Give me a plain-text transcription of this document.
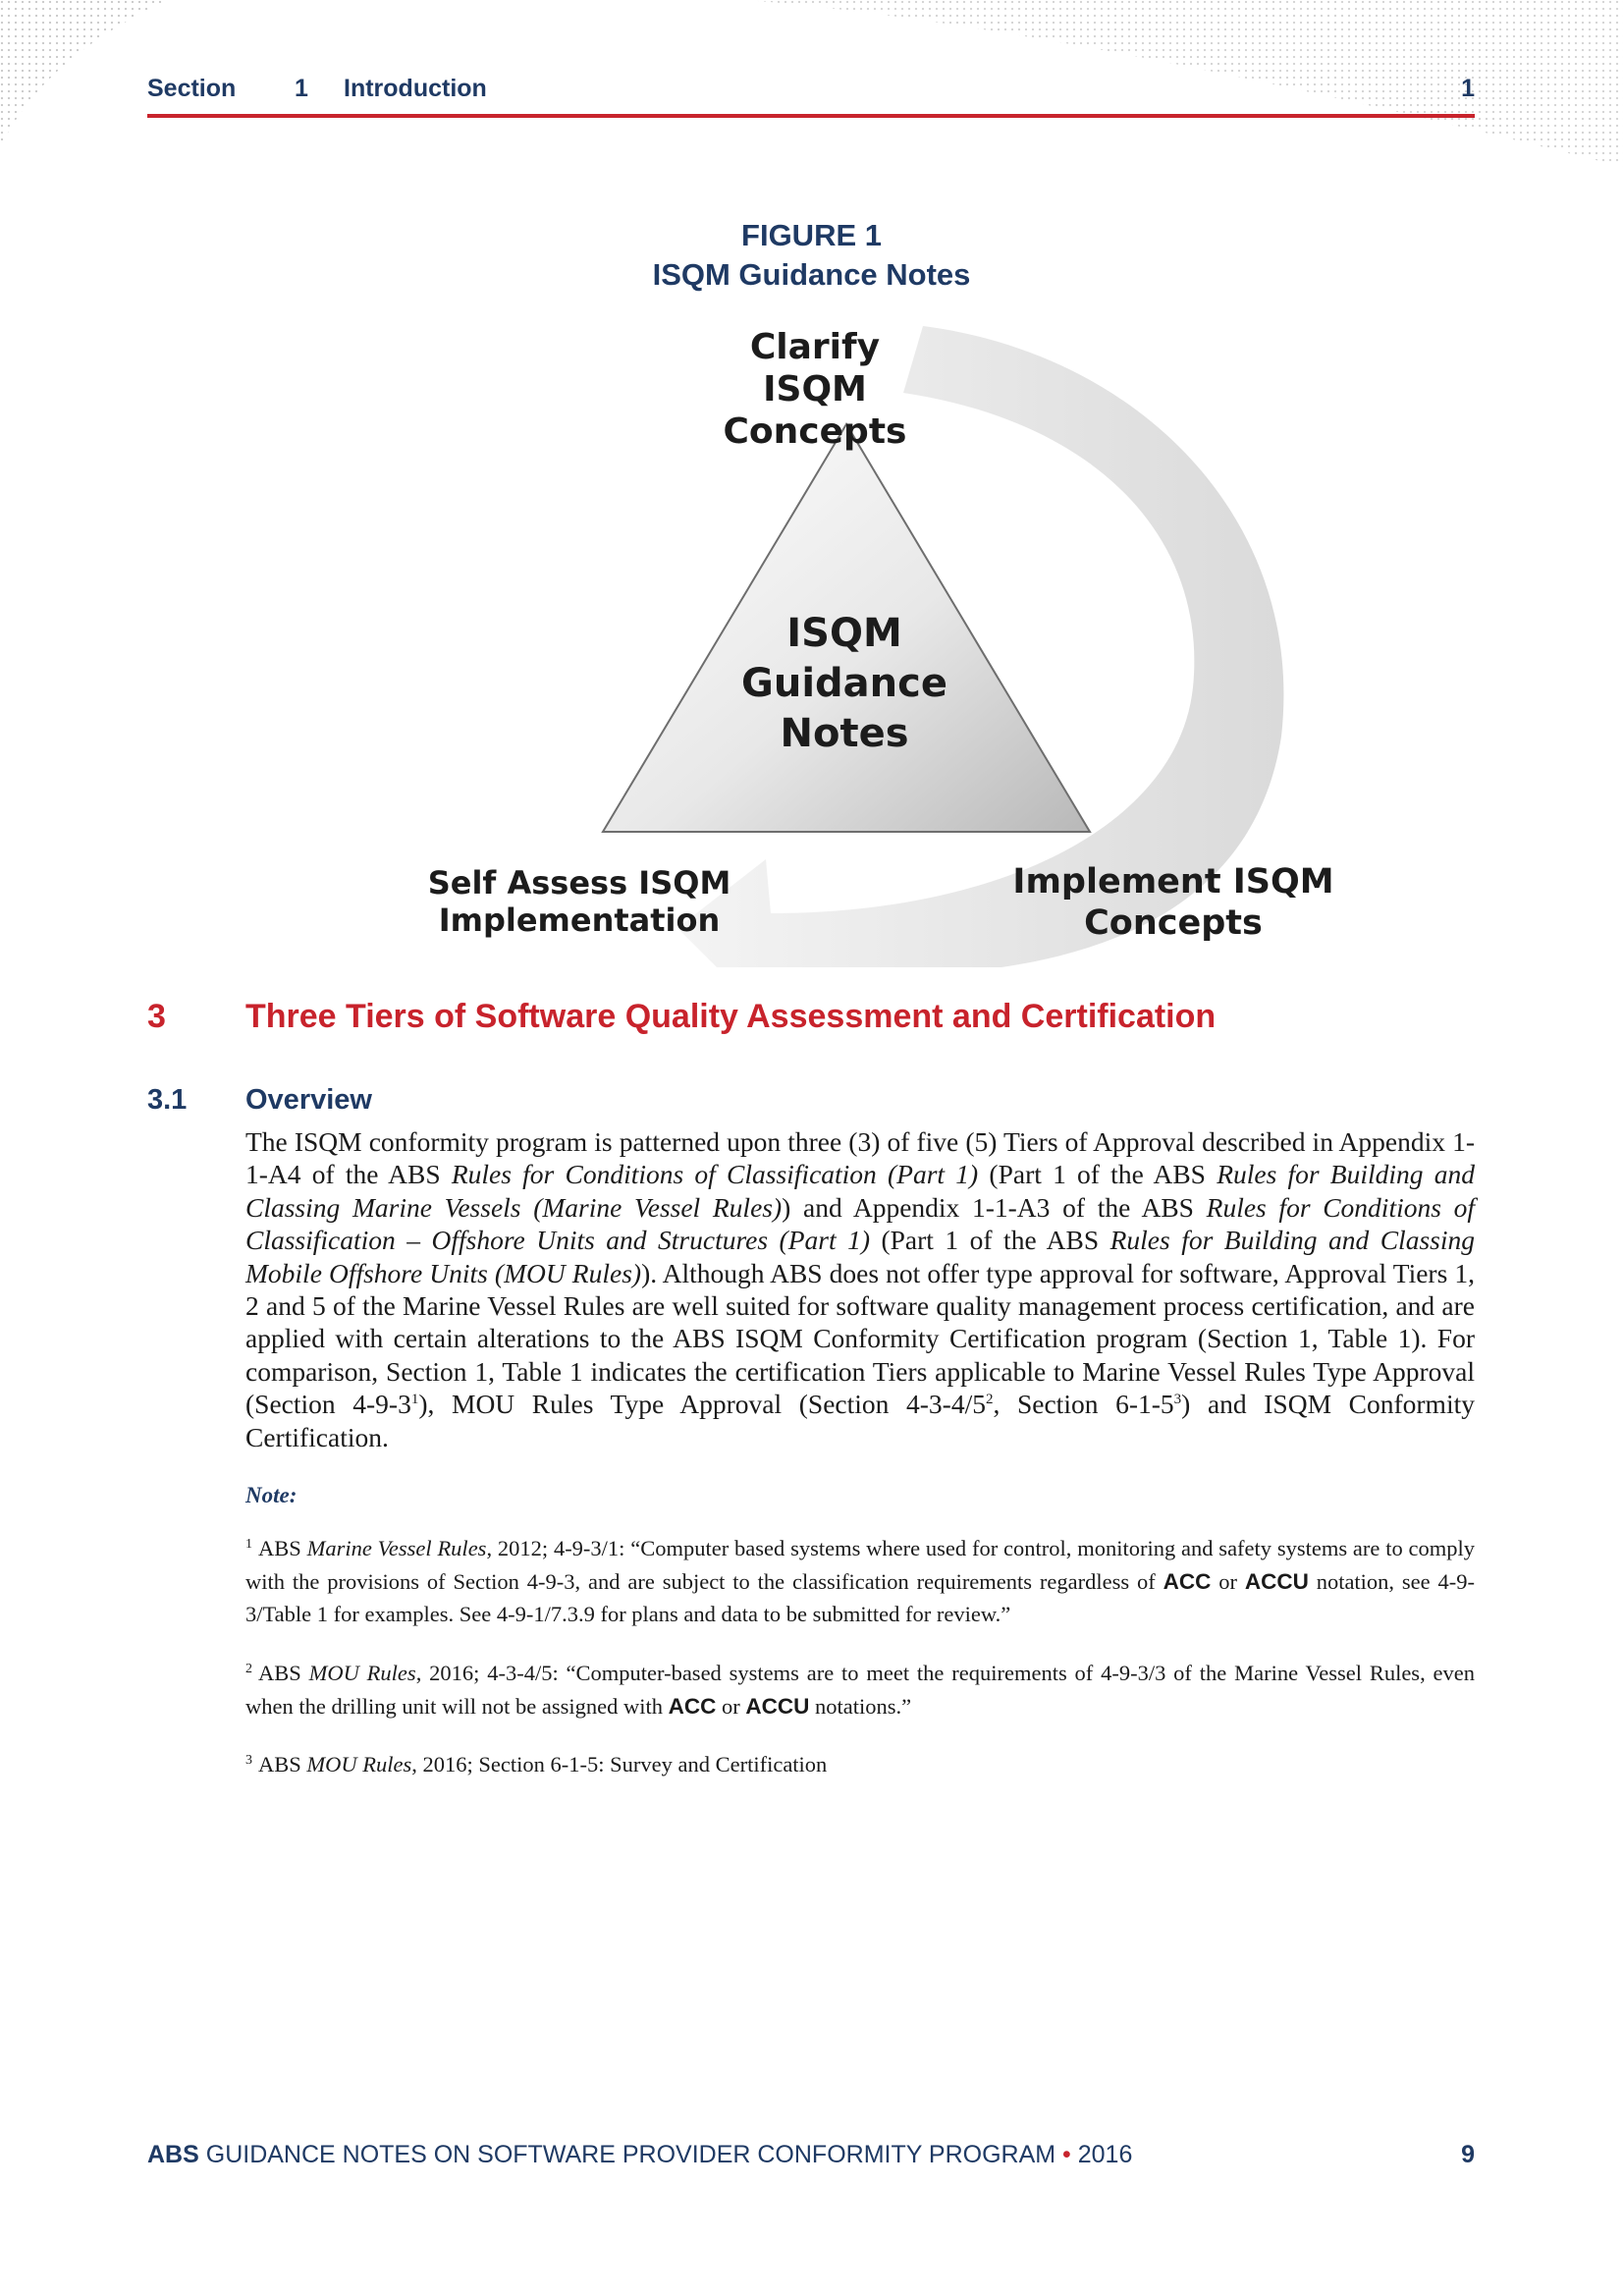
Section 1 Introduction	1
FIGURE 1
ISQM Guidance Notes
Clarify ISQM
Concepts
ISQM
Guidance
Notes
Self Assess ISQM
Implementation
Implement ISQM
Concepts
3 Three Tiers of Software Quality Assessment and Certification
3.1 Overview
The ISQM conformity program is patterned upon three (3) of five (5) Tiers of Approval described in Appendix 1-1-A4 of the ABS Rules for Conditions of Classification (Part 1) (Part 1 of the ABS Rules for Building and Classing Marine Vessels (Marine Vessel Rules)) and Appendix 1-1-A3 of the ABS Rules for Conditions of Classification – Offshore Units and Structures (Part 1) (Part 1 of the ABS Rules for Building and Classing Mobile Offshore Units (MOU Rules)). Although ABS does not offer type approval for software, Approval Tiers 1, 2 and 5 of the Marine Vessel Rules are well suited for software quality management process certification, and are applied with certain alterations to the ABS ISQM Conformity Certification program (Section 1, Table 1). For comparison, Section 1, Table 1 indicates the certification Tiers applicable to Marine Vessel Rules Type Approval (Section $4-9-3^1$), MOU Rules Type Approval (Section $4-3-4/5^2$, Section $6-1-5^3$) and ISQM Conformity Certification.
Note:
$^1$ ABS Marine Vessel Rules, 2012; 4-9-3/1: “Computer based systems where used for control, monitoring and safety systems are to comply with the provisions of Section 4-9-3, and are subject to the classification requirements regardless of ACC or ACCU notation, see 4-9-3/Table 1 for examples. See 4-9-1/7.3.9 for plans and data to be submitted for review.”
$^2$ ABS MOU Rules, 2016; 4-3-4/5: “Computer-based systems are to meet the requirements of 4-9-3/3 of the Marine Vessel Rules, even when the drilling unit will not be assigned with ACC or ACCU notations.”
$^3$ ABS MOU Rules, 2016; Section 6-1-5: Survey and Certification
ABS GUIDANCE NOTES ON SOFTWARE PROVIDER CONFORMITY PROGRAM • 2016	9
